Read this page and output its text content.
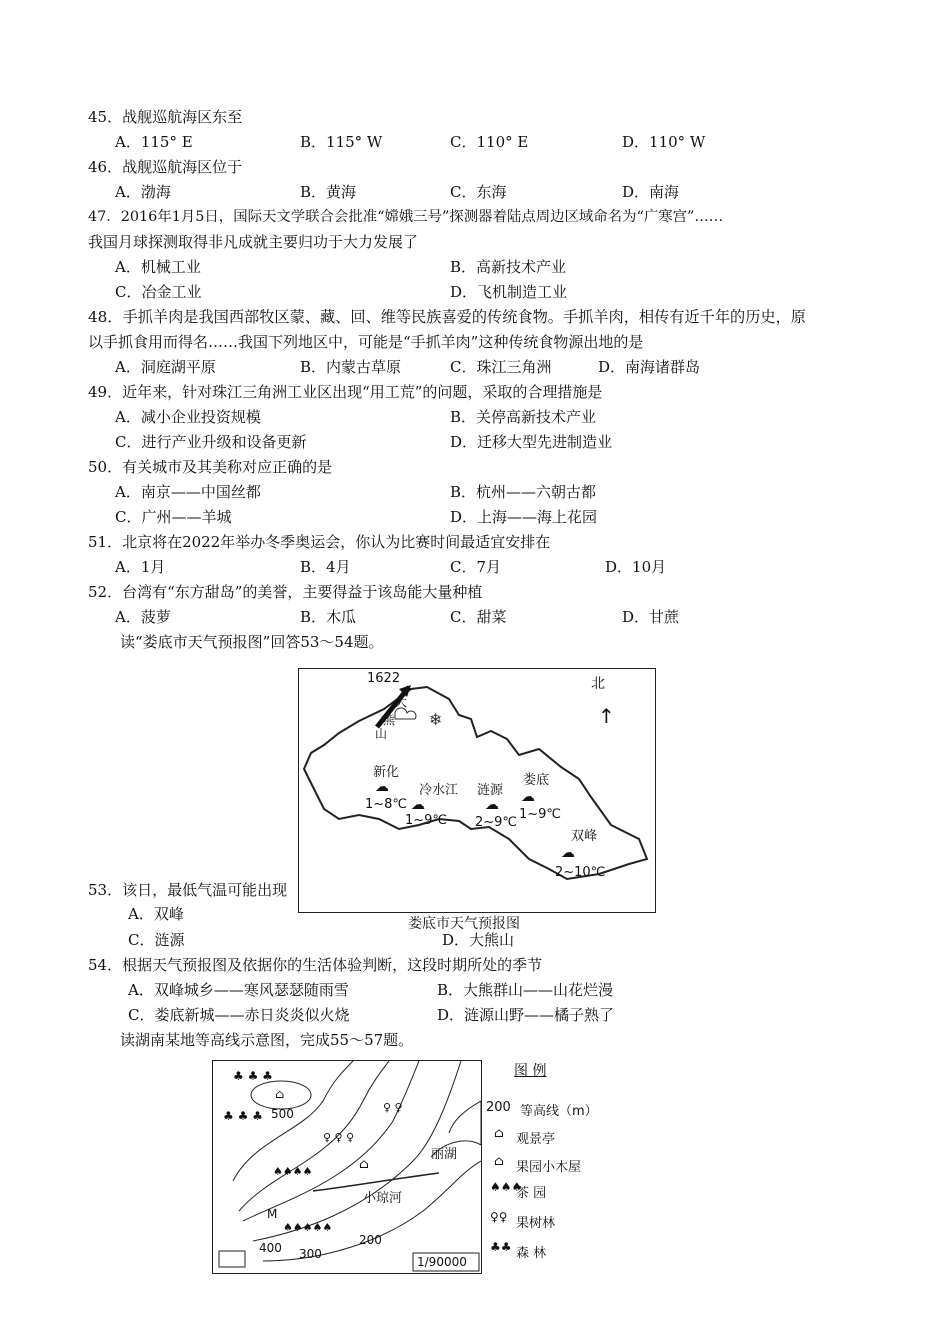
45．战舰巡航海区东至
A．115° E	B．115° W	C．110° E	D．110° W
46．战舰巡航海区位于
A．渤海	B．黄海	C．东海	D．南海
47．2016年1月5日，国际天文学联合会批准“嫦娥三号”探测器着陆点周边区域命名为“广寒宫”……
我国月球探测取得非凡成就主要归功于大力发展了
A．机械工业	B．高新技术产业
C．冶金工业	D．飞机制造工业
48．手抓羊肉是我国西部牧区蒙、藏、回、维等民族喜爱的传统食物。手抓羊肉，相传有近千年的历史，原
以手抓食用而得名……我国下列地区中，可能是“手抓羊肉”这种传统食物源出地的是
A．洞庭湖平原	B．内蒙古草原	C．珠江三角洲	D．南海诸群岛
49．近年来，针对珠江三角洲工业区出现“用工荒”的问题，采取的合理措施是
A．减小企业投资规模	B．关停高新技术产业
C．进行产业升级和设备更新	D．迁移大型先进制造业
50．有关城市及其美称对应正确的是
A．南京——中国丝都	B．杭州——六朝古都
C．广州——羊城	D．上海——海上花园
51．北京将在2022年举办冬季奥运会，你认为比赛时间最适宜安排在
A．1月	B．4月	C．7月	D．10月
52．台湾有“东方甜岛”的美誉，主要得益于该岛能大量种植
A．菠萝	B．木瓜	C．甜菜	D．甘蔗
读“娄底市天气预报图”回答53～54题。
53．该日，最低气温可能出现
A．双峰
C．涟源	D．大熊山
54．根据天气预报图及依据你的生活体验判断，这段时期所处的季节
A．双峰城乡——寒风瑟瑟随雨雪	B．大熊群山——山花烂漫
C．娄底新城——赤日炎炎似火烧	D．涟源山野——橘子熟了
读湖南某地等高线示意图，完成55～57题。
❄	↑
1622
大
熊
山
北
新化
☁
1~8℃
冷水江
☁
1~9℃
涟源
☁
2~9℃
娄底
☁
1~9℃
双峰
☁
2~10℃
娄底市天气预报图
⌂
500
400 300
200
M
丽湖
小琼河
1/90000
⌂
♣ ♣ ♣
♣ ♣ ♣
♠♠♠♠
♠♠♠♠♠
♀ ♀
♀ ♀ ♀
图 例
200 等高线（m）
⌂ 观景亭
⌂ 果园小木屋
♠♠♠
茶 园
♀♀ 果树林
♣♣ 森 林
